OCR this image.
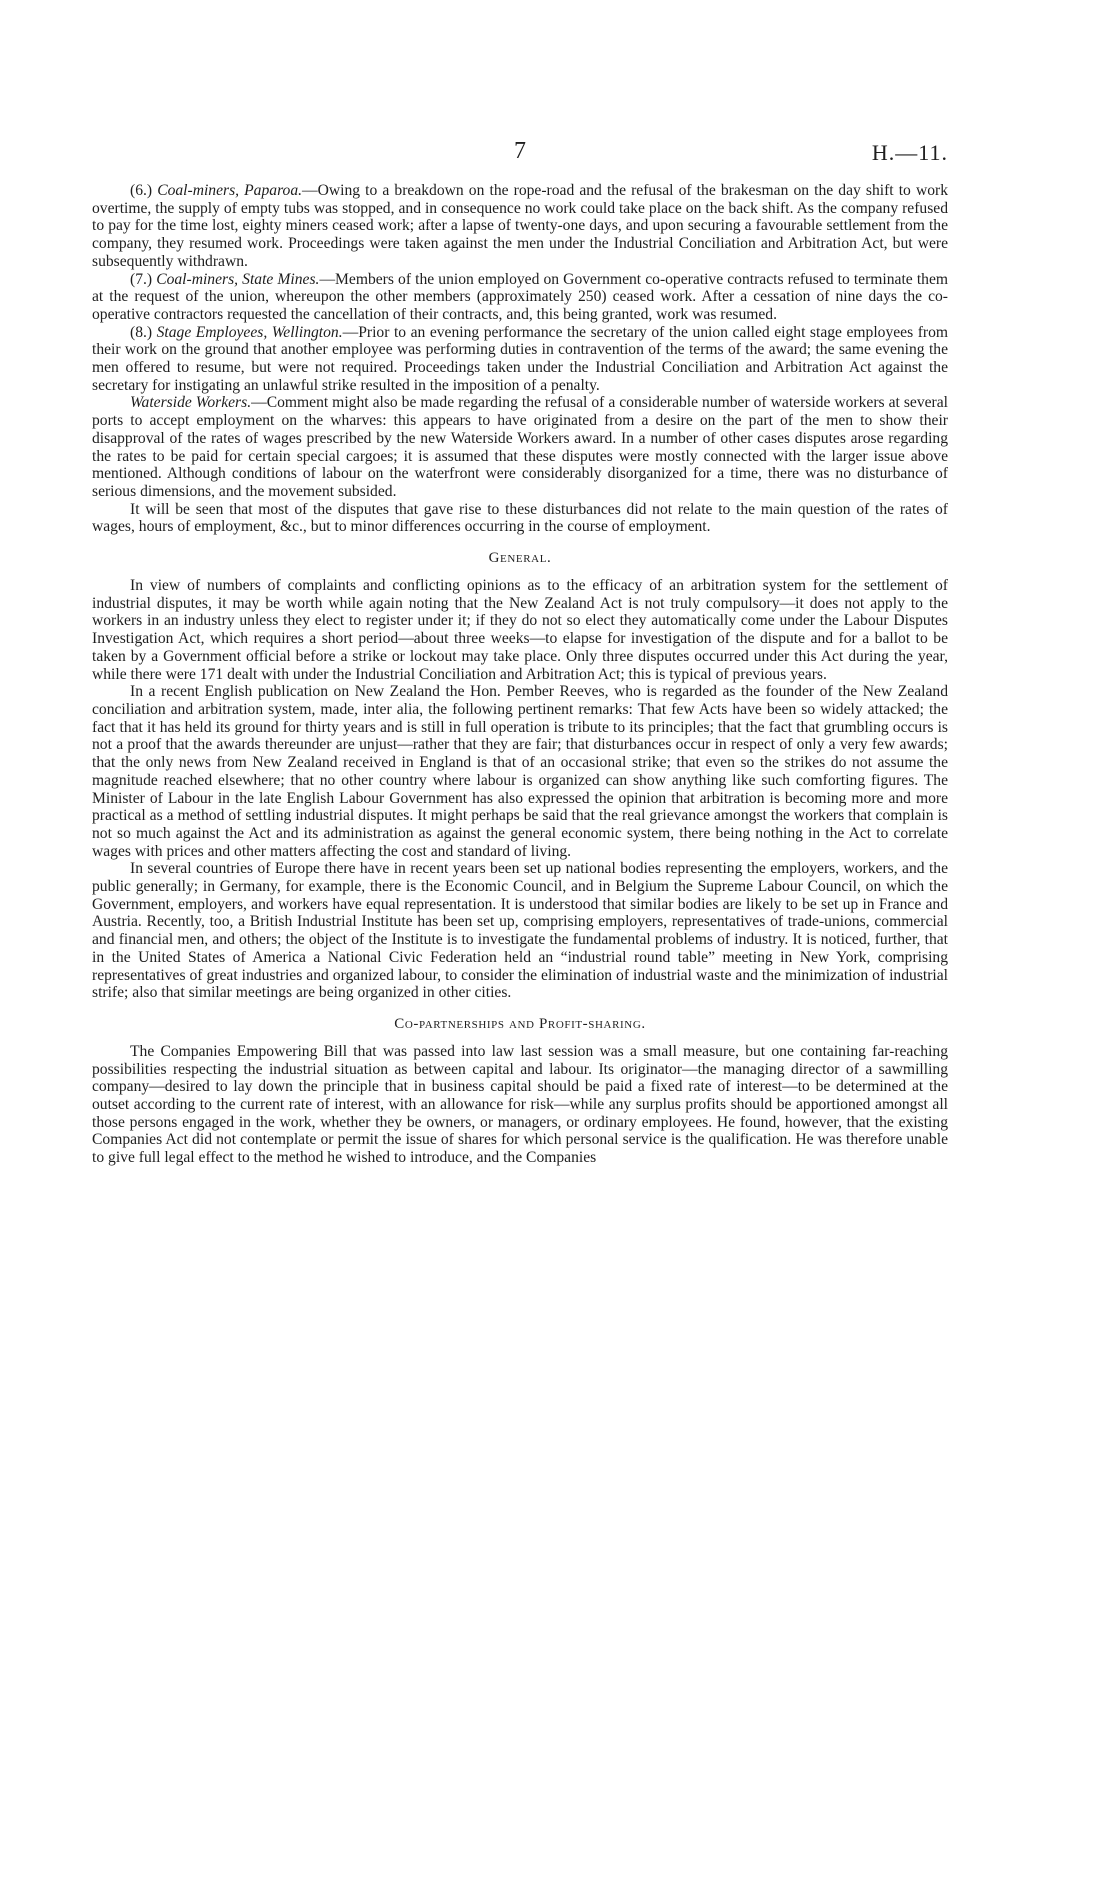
7	H.—11.

(6.) Coal-miners, Paparoa.—Owing to a breakdown on the rope-road and the refusal of the brakesman on the day shift to work overtime, the supply of empty tubs was stopped, and in consequence no work could take place on the back shift. As the company refused to pay for the time lost, eighty miners ceased work; after a lapse of twenty-one days, and upon securing a favourable settlement from the company, they resumed work. Proceedings were taken against the men under the Industrial Conciliation and Arbitration Act, but were subsequently withdrawn.

(7.) Coal-miners, State Mines.—Members of the union employed on Government co-operative contracts refused to terminate them at the request of the union, whereupon the other members (approximately 250) ceased work. After a cessation of nine days the co-operative contractors requested the cancellation of their contracts, and, this being granted, work was resumed.

(8.) Stage Employees, Wellington.—Prior to an evening performance the secretary of the union called eight stage employees from their work on the ground that another employee was performing duties in contravention of the terms of the award; the same evening the men offered to resume, but were not required. Proceedings taken under the Industrial Conciliation and Arbitration Act against the secretary for instigating an unlawful strike resulted in the imposition of a penalty.

Waterside Workers.—Comment might also be made regarding the refusal of a considerable number of waterside workers at several ports to accept employment on the wharves: this appears to have originated from a desire on the part of the men to show their disapproval of the rates of wages prescribed by the new Waterside Workers award. In a number of other cases disputes arose regarding the rates to be paid for certain special cargoes; it is assumed that these disputes were mostly connected with the larger issue above mentioned. Although conditions of labour on the waterfront were considerably disorganized for a time, there was no disturbance of serious dimensions, and the movement subsided.

It will be seen that most of the disputes that gave rise to these disturbances did not relate to the main question of the rates of wages, hours of employment, &c., but to minor differences occurring in the course of employment.

General.

In view of numbers of complaints and conflicting opinions as to the efficacy of an arbitration system for the settlement of industrial disputes, it may be worth while again noting that the New Zealand Act is not truly compulsory—it does not apply to the workers in an industry unless they elect to register under it; if they do not so elect they automatically come under the Labour Disputes Investigation Act, which requires a short period—about three weeks—to elapse for investigation of the dispute and for a ballot to be taken by a Government official before a strike or lockout may take place. Only three disputes occurred under this Act during the year, while there were 171 dealt with under the Industrial Conciliation and Arbitration Act; this is typical of previous years.

In a recent English publication on New Zealand the Hon. Pember Reeves, who is regarded as the founder of the New Zealand conciliation and arbitration system, made, inter alia, the following pertinent remarks: That few Acts have been so widely attacked; the fact that it has held its ground for thirty years and is still in full operation is tribute to its principles; that the fact that grumbling occurs is not a proof that the awards thereunder are unjust—rather that they are fair; that disturbances occur in respect of only a very few awards; that the only news from New Zealand received in England is that of an occasional strike; that even so the strikes do not assume the magnitude reached elsewhere; that no other country where labour is organized can show anything like such comforting figures. The Minister of Labour in the late English Labour Government has also expressed the opinion that arbitration is becoming more and more practical as a method of settling industrial disputes. It might perhaps be said that the real grievance amongst the workers that complain is not so much against the Act and its administration as against the general economic system, there being nothing in the Act to correlate wages with prices and other matters affecting the cost and standard of living.

In several countries of Europe there have in recent years been set up national bodies representing the employers, workers, and the public generally; in Germany, for example, there is the Economic Council, and in Belgium the Supreme Labour Council, on which the Government, employers, and workers have equal representation. It is understood that similar bodies are likely to be set up in France and Austria. Recently, too, a British Industrial Institute has been set up, comprising employers, representatives of trade-unions, commercial and financial men, and others; the object of the Institute is to investigate the fundamental problems of industry. It is noticed, further, that in the United States of America a National Civic Federation held an “industrial round table” meeting in New York, comprising representatives of great industries and organized labour, to consider the elimination of industrial waste and the minimization of industrial strife; also that similar meetings are being organized in other cities.

Co-partnerships and Profit-sharing.

The Companies Empowering Bill that was passed into law last session was a small measure, but one containing far-reaching possibilities respecting the industrial situation as between capital and labour. Its originator—the managing director of a sawmilling company—desired to lay down the principle that in business capital should be paid a fixed rate of interest—to be determined at the outset according to the current rate of interest, with an allowance for risk—while any surplus profits should be apportioned amongst all those persons engaged in the work, whether they be owners, or managers, or ordinary employees. He found, however, that the existing Companies Act did not contemplate or permit the issue of shares for which personal service is the qualification. He was therefore unable to give full legal effect to the method he wished to introduce, and the Companies
